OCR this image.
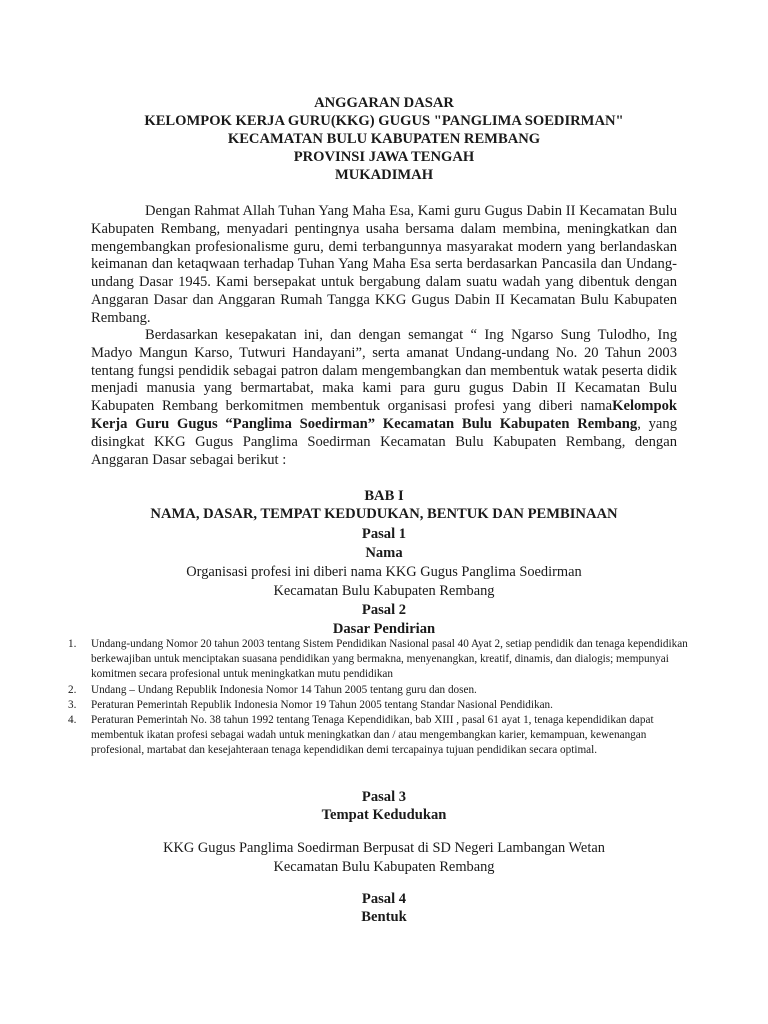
ANGGARAN DASAR
KELOMPOK KERJA GURU(KKG) GUGUS "PANGLIMA SOEDIRMAN"
KECAMATAN BULU KABUPATEN REMBANG
PROVINSI JAWA TENGAH
MUKADIMAH

Dengan Rahmat Allah Tuhan Yang Maha Esa, Kami guru Gugus Dabin II Kecamatan Bulu Kabupaten Rembang, menyadari pentingnya usaha bersama dalam membina, meningkatkan dan mengembangkan profesionalisme guru, demi terbangunnya masyarakat modern yang berlandaskan keimanan dan ketaqwaan terhadap Tuhan Yang Maha Esa serta berdasarkan Pancasila dan Undang-undang Dasar 1945. Kami bersepakat untuk bergabung dalam suatu wadah yang dibentuk dengan Anggaran Dasar dan Anggaran Rumah Tangga KKG Gugus Dabin II Kecamatan Bulu Kabupaten Rembang.

Berdasarkan kesepakatan ini, dan dengan semangat “ Ing Ngarso Sung Tulodho, Ing Madyo Mangun Karso, Tutwuri Handayani”, serta amanat Undang-undang No. 20 Tahun 2003 tentang fungsi pendidik sebagai patron dalam mengembangkan dan membentuk watak peserta didik menjadi manusia yang bermartabat, maka kami para guru gugus Dabin II Kecamatan Bulu Kabupaten Rembang berkomitmen membentuk organisasi profesi yang diberi namaKelompok Kerja Guru Gugus “Panglima Soedirman” Kecamatan Bulu Kabupaten Rembang, yang disingkat KKG Gugus Panglima Soedirman Kecamatan Bulu Kabupaten Rembang, dengan Anggaran Dasar sebagai berikut :

BAB I
NAMA, DASAR, TEMPAT KEDUDUKAN, BENTUK DAN PEMBINAAN
Pasal 1
Nama
Organisasi profesi ini diberi nama KKG Gugus Panglima Soedirman
Kecamatan Bulu Kabupaten Rembang
Pasal 2
Dasar Pendirian
1. Undang-undang Nomor 20 tahun 2003 tentang Sistem Pendidikan Nasional pasal 40 Ayat 2, setiap pendidik dan tenaga kependidikan berkewajiban untuk menciptakan suasana pendidikan yang bermakna, menyenangkan, kreatif, dinamis, dan dialogis; mempunyai komitmen secara profesional untuk meningkatkan mutu pendidikan
2. Undang – Undang Republik Indonesia Nomor 14 Tahun 2005 tentang guru dan dosen.
3. Peraturan Pemerintah Republik Indonesia Nomor 19 Tahun 2005 tentang Standar Nasional Pendidikan.
4. Peraturan Pemerintah No. 38 tahun 1992 tentang Tenaga Kependidikan, bab XIII , pasal 61 ayat 1, tenaga kependidikan dapat membentuk ikatan profesi sebagai wadah untuk meningkatkan dan / atau mengembangkan karier, kemampuan, kewenangan profesional, martabat dan kesejahteraan tenaga kependidikan demi tercapainya tujuan pendidikan secara optimal.
Pasal 3
Tempat Kedudukan
KKG Gugus Panglima Soedirman Berpusat di SD Negeri Lambangan Wetan
Kecamatan Bulu Kabupaten Rembang
Pasal 4
Bentuk
